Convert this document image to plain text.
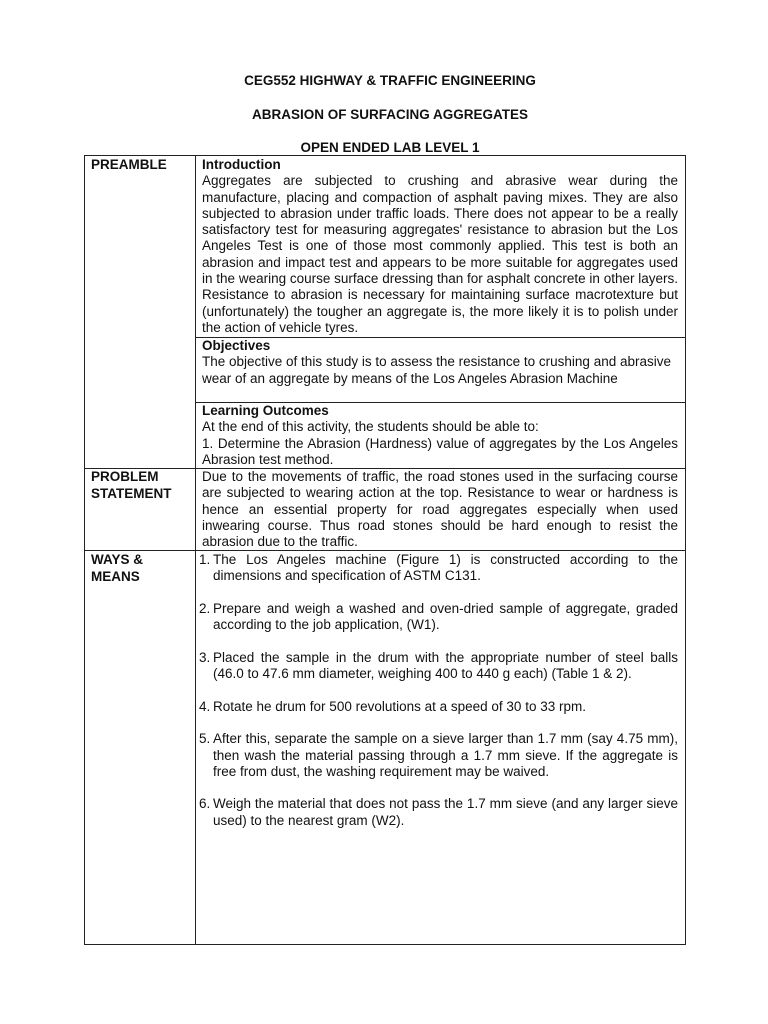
CEG552 HIGHWAY & TRAFFIC ENGINEERING
ABRASION OF SURFACING AGGREGATES
OPEN ENDED LAB LEVEL 1
PREAMBLE	Introduction
Aggregates are subjected to crushing and abrasive wear during the manufacture, placing and compaction of asphalt paving mixes. They are also subjected to abrasion under traffic loads. There does not appear to be a really satisfactory test for measuring aggregates' resistance to abrasion but the Los Angeles Test is one of those most commonly applied. This test is both an abrasion and impact test and appears to be more suitable for aggregates used in the wearing course surface dressing than for asphalt concrete in other layers. Resistance to abrasion is necessary for maintaining surface macrotexture but (unfortunately) the tougher an aggregate is, the more likely it is to polish under the action of vehicle tyres.
Objectives
The objective of this study is to assess the resistance to crushing and abrasive wear of an aggregate by means of the Los Angeles Abrasion Machine
Learning Outcomes
At the end of this activity, the students should be able to:
1. Determine the Abrasion (Hardness) value of aggregates by the Los Angeles Abrasion test method.
PROBLEM
STATEMENT
Due to the movements of traffic, the road stones used in the surfacing course are subjected to wearing action at the top. Resistance to wear or hardness is hence an essential property for road aggregates especially when used inwearing course. Thus road stones should be hard enough to resist the abrasion due to the traffic.
WAYS &
MEANS
1. The Los Angeles machine (Figure 1) is constructed according to the dimensions and specification of ASTM C131.
2. Prepare and weigh a washed and oven-dried sample of aggregate, graded according to the job application, (W1).
3. Placed the sample in the drum with the appropriate number of steel balls (46.0 to 47.6 mm diameter, weighing 400 to 440 g each) (Table 1 & 2).
4. Rotate he drum for 500 revolutions at a speed of 30 to 33 rpm.
5. After this, separate the sample on a sieve larger than 1.7 mm (say 4.75 mm), then wash the material passing through a 1.7 mm sieve. If the aggregate is free from dust, the washing requirement may be waived.
6. Weigh the material that does not pass the 1.7 mm sieve (and any larger sieve used) to the nearest gram (W2).
